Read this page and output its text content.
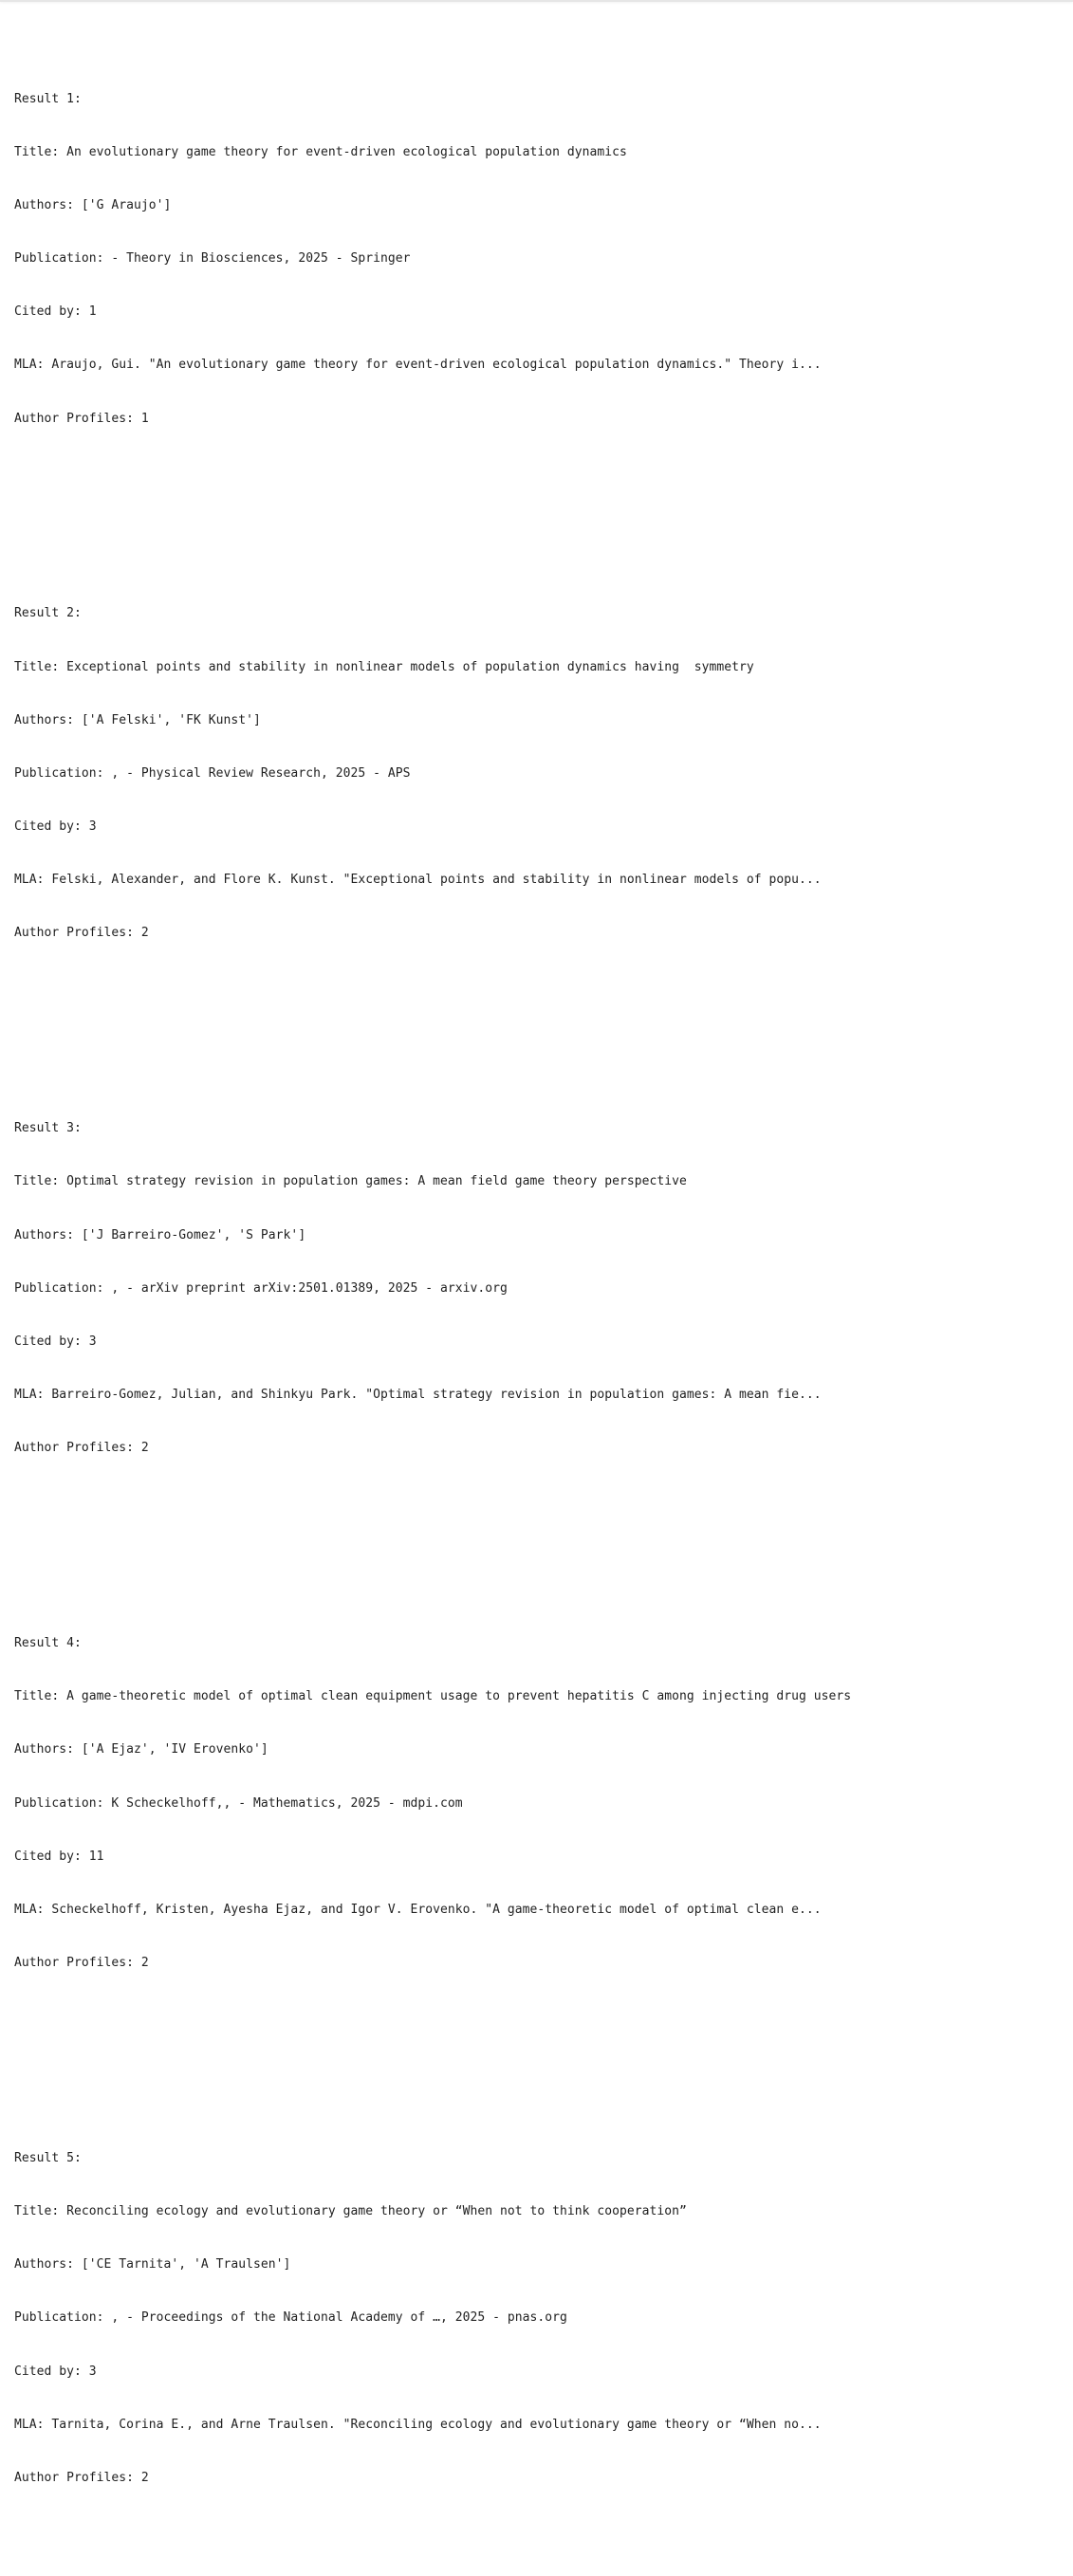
Result 1:

Title: An evolutionary game theory for event-driven ecological population dynamics

Authors: ['G Araujo']

Publication: - Theory in Biosciences, 2025 - Springer

Cited by: 1

MLA: Araujo, Gui. "An evolutionary game theory for event-driven ecological population dynamics." Theory i...

Author Profiles: 1

Result 2:

Title: Exceptional points and stability in nonlinear models of population dynamics having  symmetry

Authors: ['A Felski', 'FK Kunst']

Publication: , - Physical Review Research, 2025 - APS

Cited by: 3

MLA: Felski, Alexander, and Flore K. Kunst. "Exceptional points and stability in nonlinear models of popu...

Author Profiles: 2

Result 3:

Title: Optimal strategy revision in population games: A mean field game theory perspective

Authors: ['J Barreiro-Gomez', 'S Park']

Publication: , - arXiv preprint arXiv:2501.01389, 2025 - arxiv.org

Cited by: 3

MLA: Barreiro-Gomez, Julian, and Shinkyu Park. "Optimal strategy revision in population games: A mean fie...

Author Profiles: 2

Result 4:

Title: A game-theoretic model of optimal clean equipment usage to prevent hepatitis C among injecting drug users

Authors: ['A Ejaz', 'IV Erovenko']

Publication: K Scheckelhoff,, - Mathematics, 2025 - mdpi.com

Cited by: 11

MLA: Scheckelhoff, Kristen, Ayesha Ejaz, and Igor V. Erovenko. "A game-theoretic model of optimal clean e...

Author Profiles: 2

Result 5:

Title: Reconciling ecology and evolutionary game theory or “When not to think cooperation”

Authors: ['CE Tarnita', 'A Traulsen']

Publication: , - Proceedings of the National Academy of …, 2025 - pnas.org

Cited by: 3

MLA: Tarnita, Corina E., and Arne Traulsen. "Reconciling ecology and evolutionary game theory or “When no...

Author Profiles: 2
